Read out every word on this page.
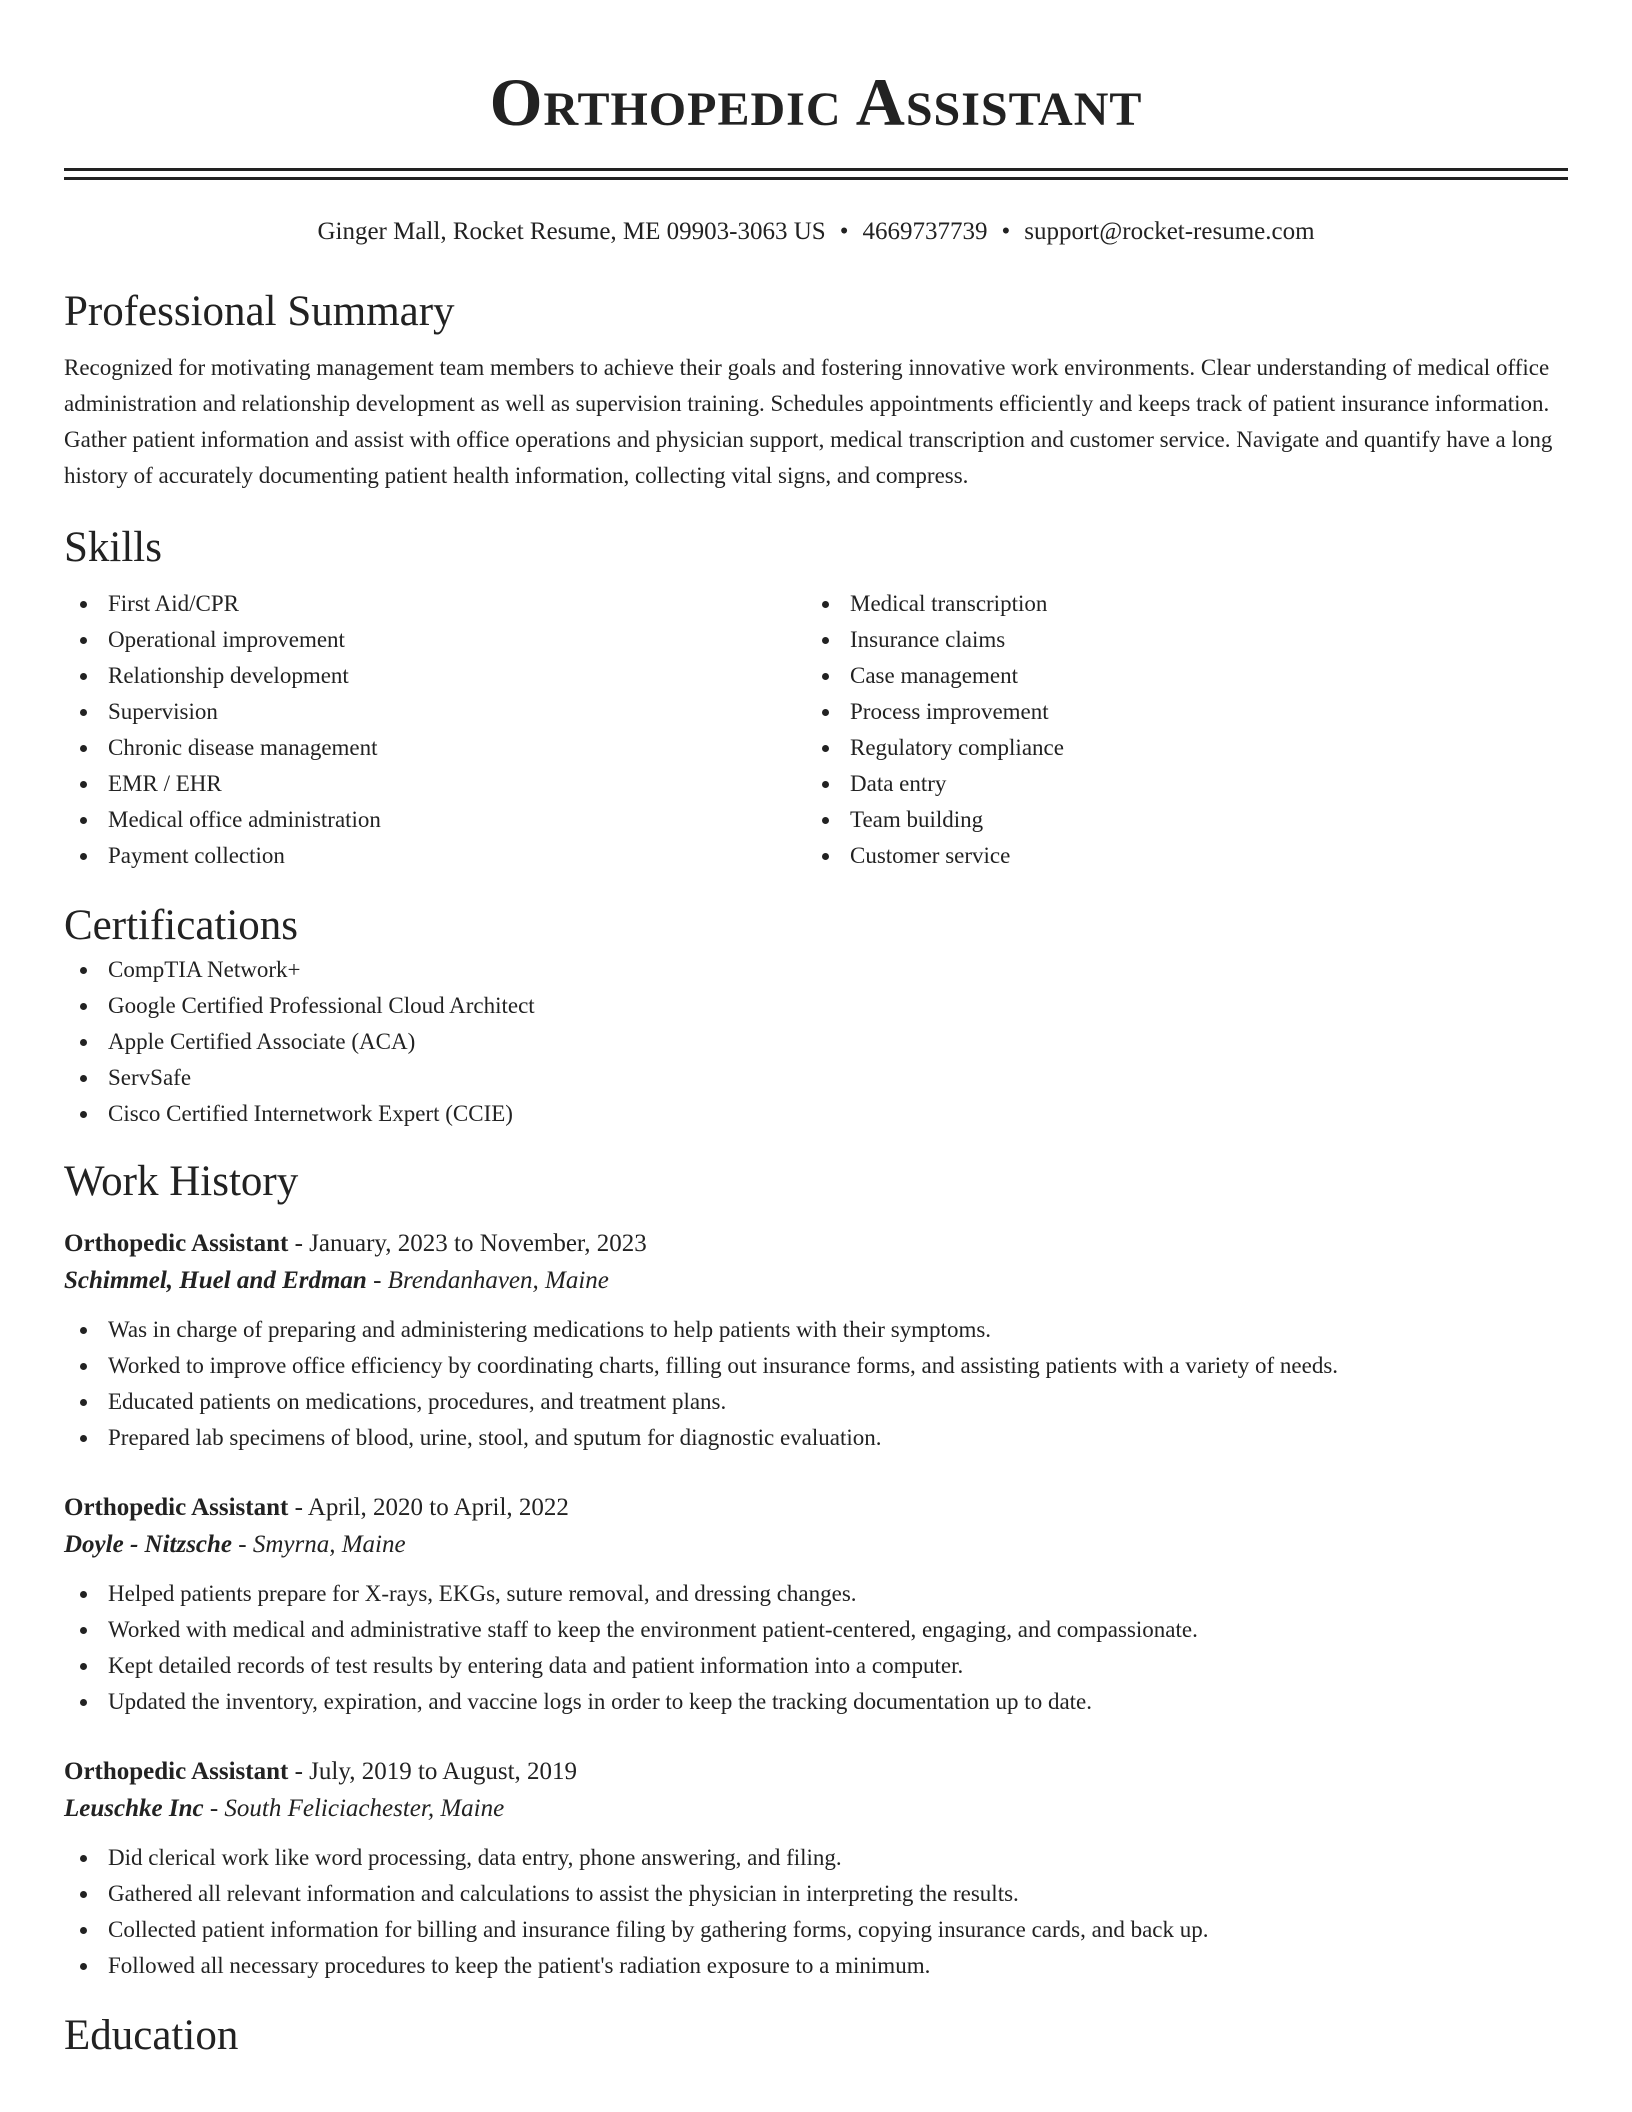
Orthopedic Assistant
Ginger Mall, Rocket Resume, ME 09903-3063 US • 4669737739 • support@rocket-resume.com
Professional Summary

Recognized for motivating management team members to achieve their goals and fostering innovative work environments. Clear understanding of medical office administration and relationship development as well as supervision training. Schedules appointments efficiently and keeps track of patient insurance information. Gather patient information and assist with office operations and physician support, medical transcription and customer service. Navigate and quantify have a long history of accurately documenting patient health information, collecting vital signs, and compress.

Skills
First Aid/CPR
Operational improvement
Relationship development
Supervision
Chronic disease management
EMR / EHR
Medical office administration
Payment collection
Medical transcription
Insurance claims
Case management
Process improvement
Regulatory compliance
Data entry
Team building
Customer service
Certifications
CompTIA Network+
Google Certified Professional Cloud Architect
Apple Certified Associate (ACA)
ServSafe
Cisco Certified Internetwork Expert (CCIE)
Work History
Orthopedic Assistant - January, 2023 to November, 2023
Schimmel, Huel and Erdman - Brendanhaven, Maine
Was in charge of preparing and administering medications to help patients with their symptoms.
Worked to improve office efficiency by coordinating charts, filling out insurance forms, and assisting patients with a variety of needs.
Educated patients on medications, procedures, and treatment plans.
Prepared lab specimens of blood, urine, stool, and sputum for diagnostic evaluation.
Orthopedic Assistant - April, 2020 to April, 2022
Doyle - Nitzsche - Smyrna, Maine
Helped patients prepare for X-rays, EKGs, suture removal, and dressing changes.
Worked with medical and administrative staff to keep the environment patient-centered, engaging, and compassionate.
Kept detailed records of test results by entering data and patient information into a computer.
Updated the inventory, expiration, and vaccine logs in order to keep the tracking documentation up to date.
Orthopedic Assistant - July, 2019 to August, 2019
Leuschke Inc - South Feliciachester, Maine
Did clerical work like word processing, data entry, phone answering, and filing.
Gathered all relevant information and calculations to assist the physician in interpreting the results.
Collected patient information for billing and insurance filing by gathering forms, copying insurance cards, and back up.
Followed all necessary procedures to keep the patient's radiation exposure to a minimum.
Education
